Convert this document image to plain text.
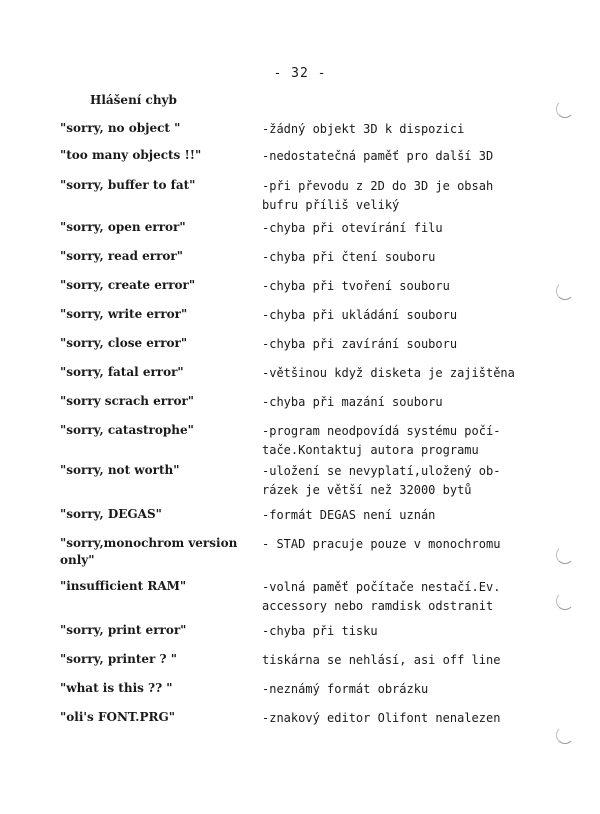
- 32 -
Hlášení chyb
"sorry, no object "	-žádný objekt 3D k dispozici
"too many objects !!"	-nedostatečná paměť pro další 3D
"sorry, buffer to fat"	-při převodu z 2D do 3D je obsah
bufru příliš veliký
"sorry, open error"	-chyba při otevírání filu
"sorry, read error"	-chyba při čtení souboru
"sorry, create error"	-chyba při tvoření souboru
"sorry, write error"	-chyba při ukládání souboru
"sorry, close error"	-chyba při zavírání souboru
"sorry, fatal error"	-většinou když disketa je zajištěna
"sorry scrach error"	-chyba při mazání souboru
"sorry, catastrophe"	-program neodpovídá systému počí-
tače.Kontaktuj autora programu
"sorry, not worth"	-uložení se nevyplatí,uložený ob-
rázek je větší než 32000 bytů
"sorry, DEGAS"	-formát DEGAS není uznán
"sorry,monochrom version only"
- STAD pracuje pouze v monochromu
"insufficient RAM"	-volná paměť počítače nestačí.Ev.
accessory nebo ramdisk odstranit
"sorry, print error"	-chyba při tisku
"sorry, printer ? "	tiskárna se nehlásí, asi off line
"what is this ?? "	-neznámý formát obrázku
"oli's FONT.PRG"	-znakový editor Olifont nenalezen
